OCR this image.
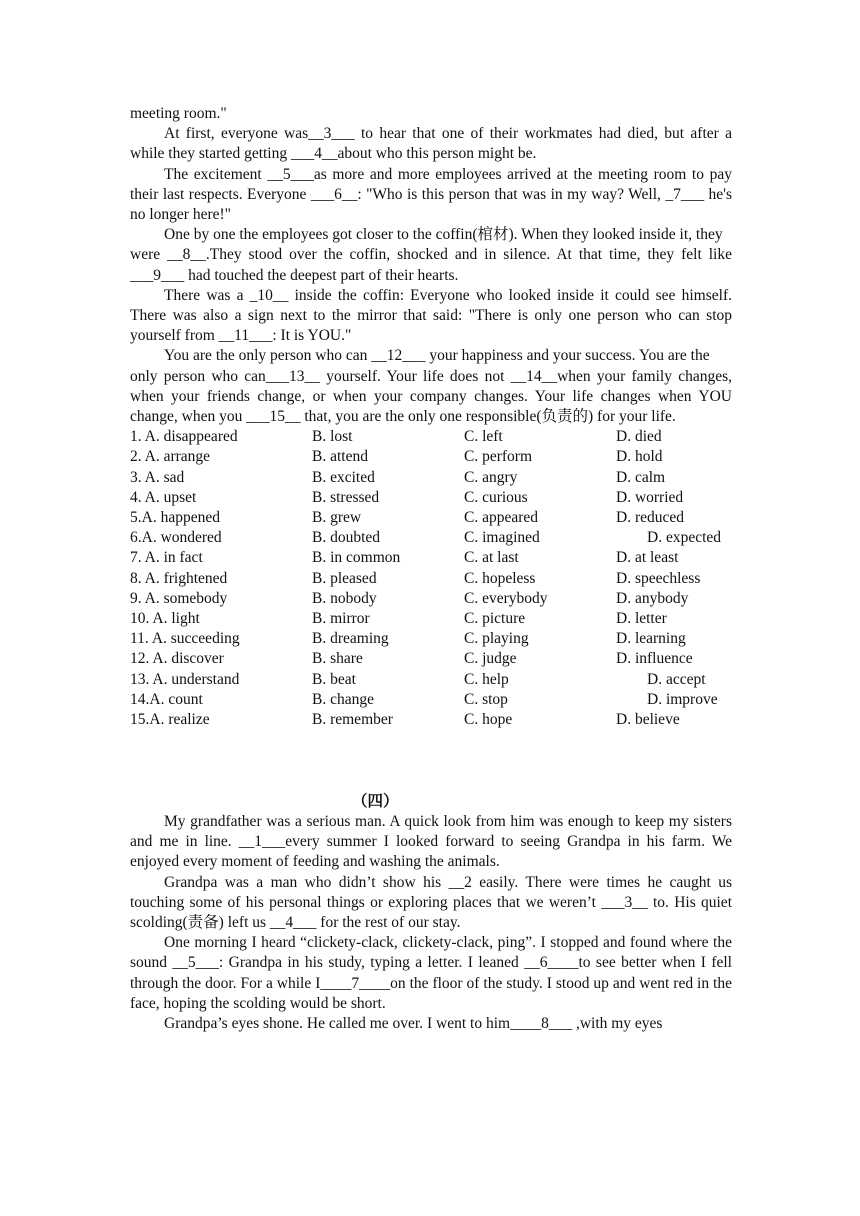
meeting room."

At first, everyone was__3___ to hear that one of their workmates had died, but after a while they started getting ___4__about who this person might be.

The excitement __5___as more and more employees arrived at the meeting room to pay their last respects. Everyone ___6__: "Who is this person that was in my way? Well, _7___ he's no longer here!"

One by one the employees got closer to the coffin(棺材). When they looked inside it, they

were __8__.They stood over the coffin, shocked and in silence. At that time, they felt like ___9___ had touched the deepest part of their hearts.

There was a _10__ inside the coffin: Everyone who looked inside it could see himself. There was also a sign next to the mirror that said: "There is only one person who can stop yourself from __11___: It is YOU."

You are the only person who can __12___ your happiness and your success. You are the

only person who can___13__ yourself. Your life does not __14__when your family changes, when your friends change, or when your company changes. Your life changes when YOU change, when you ___15__ that, you are the only one responsible(负责的) for your life.

1. A. disappeared	B. lost	C. left	D. died
2. A. arrange	B. attend	C. perform	D. hold
3. A. sad	B. excited	C. angry	D. calm
4. A. upset	B. stressed	C. curious	D. worried
5.A. happened	B. grew	C. appeared	D. reduced
6.A. wondered	B. doubted	C. imagined	D. expected
7. A. in fact	B. in common	C. at last	D. at least
8. A. frightened	B. pleased	C. hopeless	D. speechless
9. A. somebody	B. nobody	C. everybody	D. anybody
10. A. light	B. mirror	C. picture	D. letter
11. A. succeeding	B. dreaming	C. playing	D. learning
12. A. discover	B. share	C. judge	D. influence
13. A. understand	B. beat	C. help	D. accept
14.A. count	B. change	C. stop	D. improve
15.A. realize	B. remember	C. hope	D. believe
（四）

My grandfather was a serious man. A quick look from him was enough to keep my sisters and me in line. __1___every summer I looked forward to seeing Grandpa in his farm. We enjoyed every moment of feeding and washing the animals.

Grandpa was a man who didn’t show his __2 easily. There were times he caught us touching some of his personal things or exploring places that we weren’t ___3__ to. His quiet scolding(责备) left us __4___ for the rest of our stay.

One morning I heard “clickety-clack, clickety-clack, ping”. I stopped and found where the sound __5___: Grandpa in his study, typing a letter. I leaned __6____to see better when I fell through the door. For a while I____7____on the floor of the study. I stood up and went red in the face, hoping the scolding would be short.

Grandpa’s eyes shone. He called me over. I went to him____8___ ,with my eyes
